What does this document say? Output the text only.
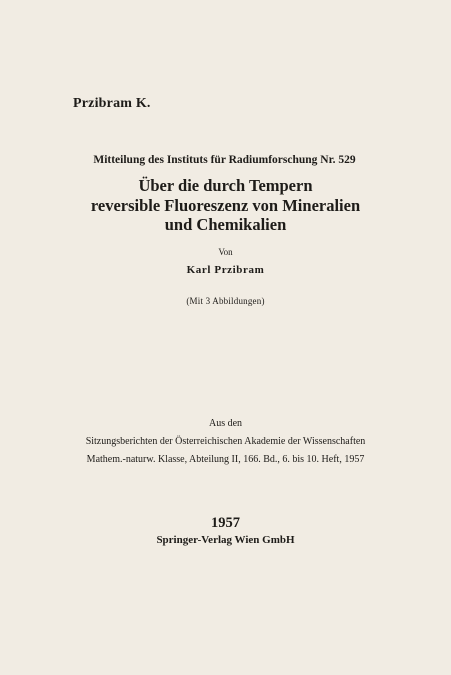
Przibram K.
Mitteilung des Instituts für Radiumforschung Nr. 529
Über die durch Tempern
reversible Fluoreszenz von Mineralien
und Chemikalien
Von
Karl Przibram
(Mit 3 Abbildungen)
Aus den
Sitzungsberichten der Österreichischen Akademie der Wissenschaften
Mathem.-naturw. Klasse, Abteilung II, 166. Bd., 6. bis 10. Heft, 1957
1957
Springer-Verlag Wien GmbH
